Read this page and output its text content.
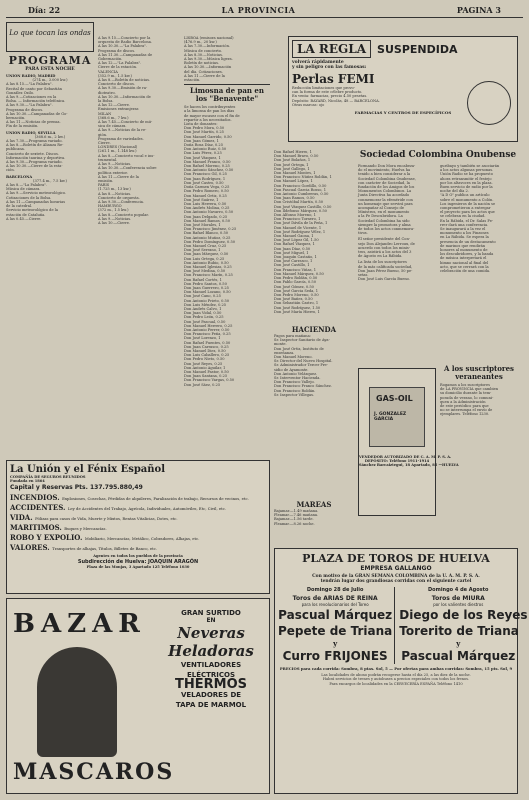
Día: 22	LA PROVINCIA	PAGINA 3
Lo que tocan las ondas
PROGRAMA
PARA ESTA NOCHE
UNION RADIO, MADRID
(274 m., 3.000 kw.)
A las 8.15.—"La Palabra".
Recital de canto por Sebastián
González Ozilo.
A las 9.—Cotizaciones en la
Bolsa. — Información telefónica.
A las 9.30.—"La Palabra".
Programa de discos.
A las 10.30.—Campanadas de Go-
bernación.
A las 11.—Noticias de prensa.
Fin de la emisión.
UNION RADIO, SEVILLA
(368.6 m., 2 kw.)
A las 7.30.—Programa variado.
A las 8.—Boletín de Alianza Re-
publicana.
Concierto de sextete. Discos.
Información taurina y deportiva.
A las 9.30.—Programa variado.
A las 10.30.—Cierre de la esta-
ción.
BARCELONA
(377.4 m., 7.5 kw.)
A las 8.—"La Palabra".
Música de cámara.
A las 9.—Servicio meteorológico.
Cotizaciones de la Bolsa.
A las 11.—Campanadas horarias
de la catedral.
Servicio meteorológico de la
estación de Cataluña.
A las 0.45.—Cierre.
A las 9.15.—Concierto por la
orquesta de Radio Barcelona.
A las 10.30.—"La Palabra".
Programa de discos.
A las 11.30.—Campanadas de
Gobernación.
A las 12.—"La Palabra".
Cierre de la estación.
VALENCIA
(352.9 m., 1.5 kw.)
A las 8.—Boletín de noticias.
Concierto de discos.
A las 9.30.—Emisión de ra-
dioteatro.
A las 10.30.—Información de
la Bolsa.
A las 12.—Cierre.
Emisiones extranjeras
MILAN
(368.6 m., 7 kw.)
A las 7.45.—Concierto de mú-
sica de cámara.
A las 9.—Noticias de la re-
gión.
Programa de variedades.
Cierre.
LONDRES (Nacional)
(261.1 m., 1.148 kw.)
A las 8.—Concierto vocal e ins-
trumental.
A las 9.—Noticias.
A las 10.30.—Conferencia sobre
política exterior.
A las 11.—Cierre de la
emisión.
PARIS
(1.725 m., 13 kw.)
A las 8.—Noticias.
Concierto de orquesta.
A las 9.30.—Conferencia.
HAMBURGO
(372 m., 1.5 kw.)
A las 8.—Concierto popular.
A las 9.—Noticias.
A las 10.—Cierre.
LISBOA (emisora nacional)
(476.9 m., 20 kw.)
A las 7.30.—Información.
Música de concierto.
A las 8.30.—Noticias.
A las 9.30.—Música ligera.
Boletín de noticias.
A las 10.30.—Información
del día. Cotizaciones.
A las 11.—Cierre de la
estación.
Limosna de pan en los "Benavente"
Se hacen los contribuyentes
a la limosna de pan los días
de mayor escasez con el fin de
repartir a los necesitados.
Lista de donantes:
Don Pedro Mora, 0.50
Don José Martín, 0.25
Don Manuel Garrido, 0.50
Don Juan Gómez, 1
Doña Rosa Díaz, 0.25
Don Antonio Ruiz, 0.50
Don Luis Pérez, 0.25
Don José Vázquez, 1
Don Manuel Franco, 0.50
Don Rafael Moreno, 0.25
Don Antonio Sánchez, 0.50
Don Francisco Gil, 0.25
Don Juan Rodríguez, 1
Don José Castro, 0.50
Doña Carmen Vega, 0.25
Don Pedro Romero, 0.50
Don Manuel Ortiz, 0.25
Don José Suárez, 1
Don Luis Herrera, 0.50
Don Andrés Molina, 0.25
Don Antonio Navarro, 0.50
Don Juan Delgado, 0.25
Don Manuel Ramos, 0.50
Don José Morales, 1
Don Francisco Jiménez, 0.25
Don Rafael Blanco, 0.50
Don Antonio Muñoz, 0.25
Don Pedro Domínguez, 0.50
Don Manuel Cruz, 0.25
Don José Serrano, 1
Don Juan Márquez, 0.50
Don Luis Ortega, 0.25
Don Antonio Rubio, 0.50
Don Manuel Iglesias, 0.25
Don José Medina, 0.50
Don Francisco Marín, 0.25
Don Rafael Cortés, 1
Don Pedro Santos, 0.50
Don Juan Guerrero, 0.25
Don Manuel Lozano, 0.50
Don José Cano, 0.25
Don Antonio Prieto, 0.50
Don Luis Méndez, 0.25
Don Andrés Calvo, 1
Don Juan Vidal, 0.50
Don Pedro León, 0.25
Don José Pascual, 0.50
Don Manuel Herrero, 0.25
Don Antonio Ferrer, 0.50
Don Francisco Peña, 0.25
Don José Lorenzo, 1
Don Rafael Fuentes, 0.50
Don Juan Carrasco, 0.25
Don Manuel Diez, 0.50
Don Luis Caballero, 0.25
Don Pedro Nieto, 0.50
Don José Reyes, 0.25
Don Antonio Aguilar, 1
Don Manuel Pastor, 0.50
Don Juan Santana, 0.25
Don Francisco Vargas, 0.50
Don José Sáez, 0.25
Don Rafael Hierro, 1
Don Manuel Bravo, 0.50
Don José Bolaños, 1
Don José Ortega, 1
Don José Gallego, 1
Don Manuel Montes, 1
Don Francisco Núñez Roldán, 1
Don Manuel López, 1
Don Francisco Gordillo, 0.50
Don Pascual Garcia Rosso, 1
Don Antonio Cumbreras, 0.50
Don Juan Ramos, 0.50
Don Cristóbal Martín, 0.50
Don José Vázquez Castillo, 0.50
Don Ildefonso Márquez, 0.50
Don Alfonso Moreno, 1
Don Francisco Tornero, 1
Don José Dávila de la Peña, 1
Don Manuel de Vicente, 1
Don José Rodríguez Vélez, 1
Don Manuel Gaona, 1
Don José López Gil, 1.50
Don Rafael Vázquez, 1
Don Juan Díaz, 0.50
Don José Miguel, 1
Don Joaquín Castaño, 1
Don José Carrasco, 1
Don José Castillo, 1
Don Francisco Viñas, 1
Don Manuel Márquez, 0.50
Don Pedro Roldán, 0.50
Don Pablo García, 0.50
Don José Gómez, 0.50
Don José Garcia Seda, 1
Don Pedro Moreno, 0.50
Don José Bañez, 0.50
Don Sebastián Castro, 1
Don José Rodríguez, 1.50
Don José María Hierro, 1
HACIENDA
Pagos para mañana:
Sr. Inspector Sanitario de Aya-
monte.
Don José Ortiz, Instituto de
enseñanza.
Don Manuel Moreno.
Sr. Director del Nuevo Hospital.
Sr. Administrador Tercer Pre-
sidio de Ayamonte.
Don Antonio Velázquez.
Sr. Interventor Hacienda.
Don Francisco Vallejo.
Don Francisco Franco Sánchez.
Don Francisco Roldán.
Sr. Inspector Villegas.
LA REGLA	SUSPENDIDA
volverá rápidamente
y sin peligro con las famosas:
Perlas FEMI
Reducción limitaciones que provo-
can la forma de este célebre producto.
En venta: farmacias, precio 4.50 pesetas.
Depósito: BAYARD, Nicolás, 48 — BARCELONA.
Otras marcas: ojo
FARMACIAS Y CENTROS DE ESPECÍFICOS
Sociedad Colombina Onubense
Formando Don Mora encabeza-
do el movimiento, Huelva ha
tenido a bien considerar a la
Sociedad Colombina Onubense,
con carácter de Sociedad, la
fundación de los Amigos de los
Monumentos Colombinos. La
Junta Directiva ha acordado
conmemorar la efeméride con
un homenaje que servirá para
acompañar al Consejo de
Ministros, en el monumento
a la Fe Descubridora. La
Sociedad Colombina ha sido
siempre la promotora y alma
de todos los actos conmemora-
tivos.
El señor presidente del Con-
sejo Don Alejandro Lerroux, de
acuerdo con todos los minis-
tros, asistirá a los actos del 3
de Agosto en La Rábida.
La lista de los suscriptores
de la más calificada sociedad,
Don Juan Pérez Bueno, 50 pe-
setas.
Don José Luis García Bueno.
guribayo y también se asociarán
a los actos algunas personas.
Unión Radio se ha propuesto
ahora retransmitir el festejo
por los altavoces en la plaza.
Buen servicio de radio por la
noche del día 2.
"A D O" publica un artículo
sobre el monumento a Colón.
Los ingenieros de la nación se
comprometieron a entregar
el proyecto para los actos que
se celebran en la ciudad.
En la Rábida, el Dr. Salas Fe-
rrer dará una conferencia.
Se inaugurará a la vez el
monumento a los Pinzones
en La Rábida. Se espera la
presencia de un destacamento
de marinos que rendirán
honores al monumento de
los descubridores, y la banda
de música interpretará el
himno nacional al final del
acto, que se cerrará con la
celebración de una comida.
A los suscriptores veraneantes
Rogamos a los suscriptores
de LA PROVINCIA que cambien
su domicilio durante la tem-
porada de verano, lo comuni-
quen a la Administración
de este periódico para que
no se interrumpa el envío de
ejemplares. Teléfono 1230.
GAS-OIL
J. GONZALEZ GARCIA
VENDEDOR AUTORIZADO DE C. A. M. P. S. A.
DEPÓSITO: Teléfono 1911-1914
Sánchez Barcaiztegui, 18 Apartado, 85 —HUELVA
La Unión y el Fénix Español
COMPAÑÍA DE SEGUROS REUNIDOS
Fundada en 1864
Capital y Reservas Pts. 137.795.880,49
INCENDIOS. Explosiones, Cosechas, Pérdidas de alquileres, Paralización de trabajo, Recursos de vecinos, etc.
ACCIDENTES. Ley de Accidentes del Trabajo, Agrícola, Individuales, Automóviles, Etc, Civil, etc.
VIDA. Pólizas para casos de Vida, Muerte y Mixtos, Rentas Vitalicias, Dotes, etc.
MARITIMOS. Buques y Mercancías.
ROBO Y EXPOLIO. Mobiliario, Mercancías, Metálico, Cobradores, Alhajas, etc.
VALORES. Transportes de alhajas, Títulos, Billetes de Banco, etc.
Agentes en todos los pueblos de la provincia
Subdirección de Huelva: JOAQUIN ARAGÓN
Plaza de las Monjas, 3 Apartado 125 Teléfono 1030
MAREAS
Bajamar.—1.49 mañana.
Pleamar.—7.46 mañana.
Bajamar.—1.56 tarde.
Pleamar.—8.26 noche.
BAZAR
MASCAROS
GRAN SURTIDO
EN
Neveras
Heladoras
VENTILADORES
ELÉCTRICOS
THERMOS
VELADORES DE
TAPA DE MARMOL
PLAZA DE TOROS DE HUELVA
EMPRESA GALLANGO
Con motivo de la GRAN SEMANA COLOMBINA de la U. A. M. P. S. A.
tendrán lugar dos grandiosas corridas con el siguiente cartel
Domingo 28 de Julio
Toros de ARIAS DE REINA
para los revolucionarios del Toreo
Pascual Márquez
Pepete de Triana
y
Curro FRIJONES
Domingo 4 de Agosto
Toros de MIURA
por los valientes diestros
Diego de los Reyes
Torerito de Triana
y
Pascual Márquez
PRECIOS para cada corrida: Sombra, 8 ptas. Sol, 5 — Por ofertas para ambas corridas: Sombra, 15 pts. Sol, 9
Las localidades de abono podrán recogerse hasta el día 25, a las diez de la noche.
Habrá servicios de trenes y autobuses a precios especiales con todos los frenos.
Para encargos de localidades en la CERVECERÍA ESPAÑA Teléfono 1410
